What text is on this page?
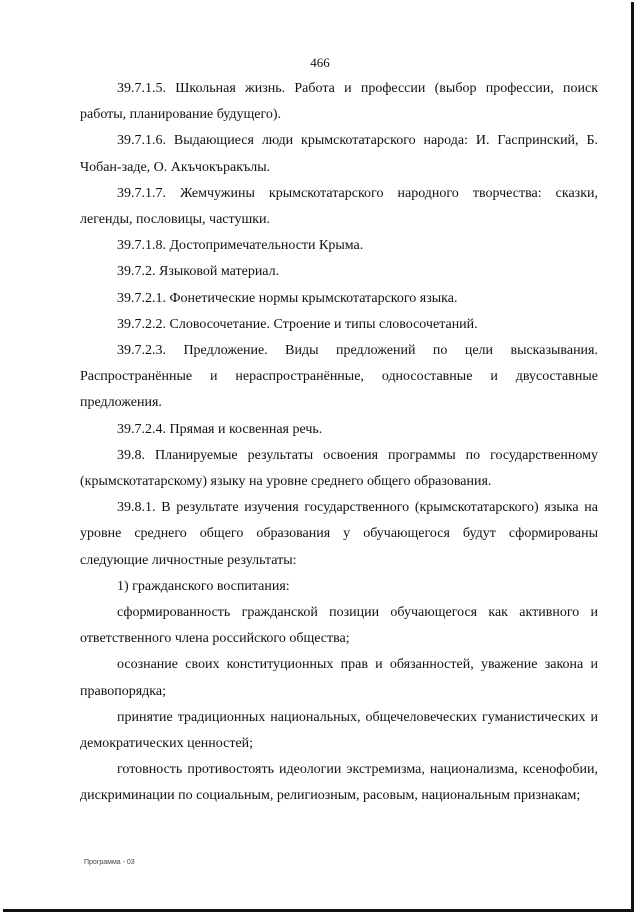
466

39.7.1.5. Школьная жизнь. Работа и профессии (выбор профессии, поиск работы, планирование будущего).

39.7.1.6. Выдающиеся люди крымскотатарского народа: И. Гаспринский, Б. Чобан-заде, О. Акъчокъракълы.

39.7.1.7. Жемчужины крымскотатарского народного творчества: сказки, легенды, пословицы, частушки.

39.7.1.8. Достопримечательности Крыма.

39.7.2. Языковой материал.

39.7.2.1. Фонетические нормы крымскотатарского языка.

39.7.2.2. Словосочетание. Строение и типы словосочетаний.

39.7.2.3. Предложение. Виды предложений по цели высказывания. Распространённые и нераспространённые, односоставные и двусоставные предложения.

39.7.2.4. Прямая и косвенная речь.

39.8. Планируемые результаты освоения программы по государственному (крымскотатарскому) языку на уровне среднего общего образования.

39.8.1. В результате изучения государственного (крымскотатарского) языка на уровне среднего общего образования у обучающегося будут сформированы следующие личностные результаты:

1) гражданского воспитания:

сформированность гражданской позиции обучающегося как активного и ответственного члена российского общества;

осознание своих конституционных прав и обязанностей, уважение закона и правопорядка;

принятие традиционных национальных, общечеловеческих гуманистических и демократических ценностей;

готовность противостоять идеологии экстремизма, национализма, ксенофобии, дискриминации по социальным, религиозным, расовым, национальным признакам;

Программа - 03
